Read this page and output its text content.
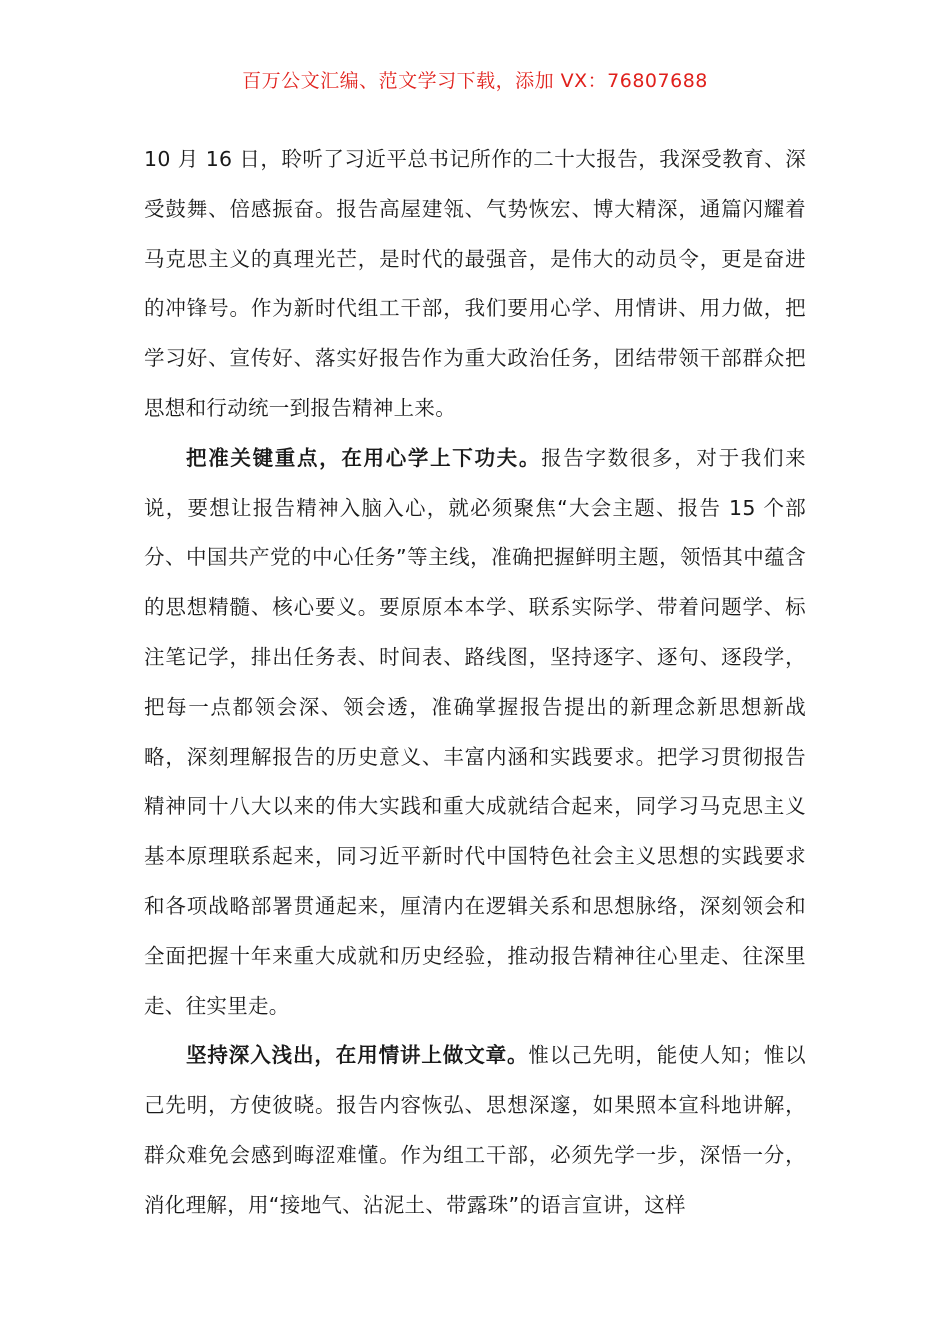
百万公文汇编、范文学习下载，添加 VX：76807688

10 月 16 日，聆听了习近平总书记所作的二十大报告，我深受教育、深受鼓舞、倍感振奋。报告高屋建瓴、气势恢宏、博大精深，通篇闪耀着马克思主义的真理光芒，是时代的最强音，是伟大的动员令，更是奋进的冲锋号。作为新时代组工干部，我们要用心学、用情讲、用力做，把学习好、宣传好、落实好报告作为重大政治任务，团结带领干部群众把思想和行动统一到报告精神上来。

把准关键重点，在用心学上下功夫。报告字数很多，对于我们来说，要想让报告精神入脑入心，就必须聚焦“大会主题、报告 15 个部分、中国共产党的中心任务”等主线，准确把握鲜明主题，领悟其中蕴含的思想精髓、核心要义。要原原本本学、联系实际学、带着问题学、标注笔记学，排出任务表、时间表、路线图，坚持逐字、逐句、逐段学，把每一点都领会深、领会透，准确掌握报告提出的新理念新思想新战略，深刻理解报告的历史意义、丰富内涵和实践要求。把学习贯彻报告精神同十八大以来的伟大实践和重大成就结合起来，同学习马克思主义基本原理联系起来，同习近平新时代中国特色社会主义思想的实践要求和各项战略部署贯通起来，厘清内在逻辑关系和思想脉络，深刻领会和全面把握十年来重大成就和历史经验，推动报告精神往心里走、往深里走、往实里走。

坚持深入浅出，在用情讲上做文章。惟以己先明，能使人知；惟以己先明，方使彼晓。报告内容恢弘、思想深邃，如果照本宣科地讲解，群众难免会感到晦涩难懂。作为组工干部，必须先学一步，深悟一分，消化理解，用“接地气、沾泥土、带露珠”的语言宣讲，这样
